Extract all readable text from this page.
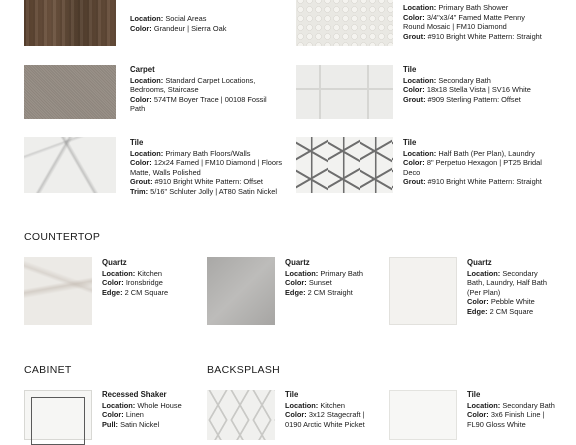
Location: Social Areas
Color: Grandeur | Sierra Oak
Location: Primary Bath Shower
Color: 3/4"x3/4" Famed Matte Penny
Round Mosaic | FM10 Diamond
Grout: #910 Bright White Pattern: Straight
Carpet
Location: Standard Carpet Locations,
Bedrooms, Staircase
Color: 574TM Boyer Trace | 00108 Fossil
Path
Tile
Location: Secondary Bath
Color: 18x18 Stella Vista | SV16 White
Grout: #909 Sterling Pattern: Offset
Tile
Location: Primary Bath Floors/Walls
Color: 12x24 Famed | FM10 Diamond | Floors
Matte, Walls Polished
Grout: #910 Bright White Pattern: Offset
Trim: 5/16" Schluter Jolly | AT80 Satin Nickel
Tile
Location: Half Bath (Per Plan), Laundry
Color: 8" Perpetuo Hexagon | PT25 Bridal
Deco
Grout: #910 Bright White Pattern: Straight
COUNTERTOP
Quartz
Location: Kitchen
Color: Ironsbridge
Edge: 2 CM Square
Quartz
Location: Primary Bath
Color: Sunset
Edge: 2 CM Straight
Quartz
Location: Secondary
Bath, Laundry, Half Bath
(Per Plan)
Color: Pebble White
Edge: 2 CM Square
CABINET	BACKSPLASH
Recessed Shaker
Location: Whole House
Color: Linen
Pull: Satin Nickel
Tile
Location: Kitchen
Color: 3x12 Stagecraft |
0190 Arctic White Picket
Tile
Location: Secondary Bath
Color: 3x6 Finish Line |
FL90 Gloss White
